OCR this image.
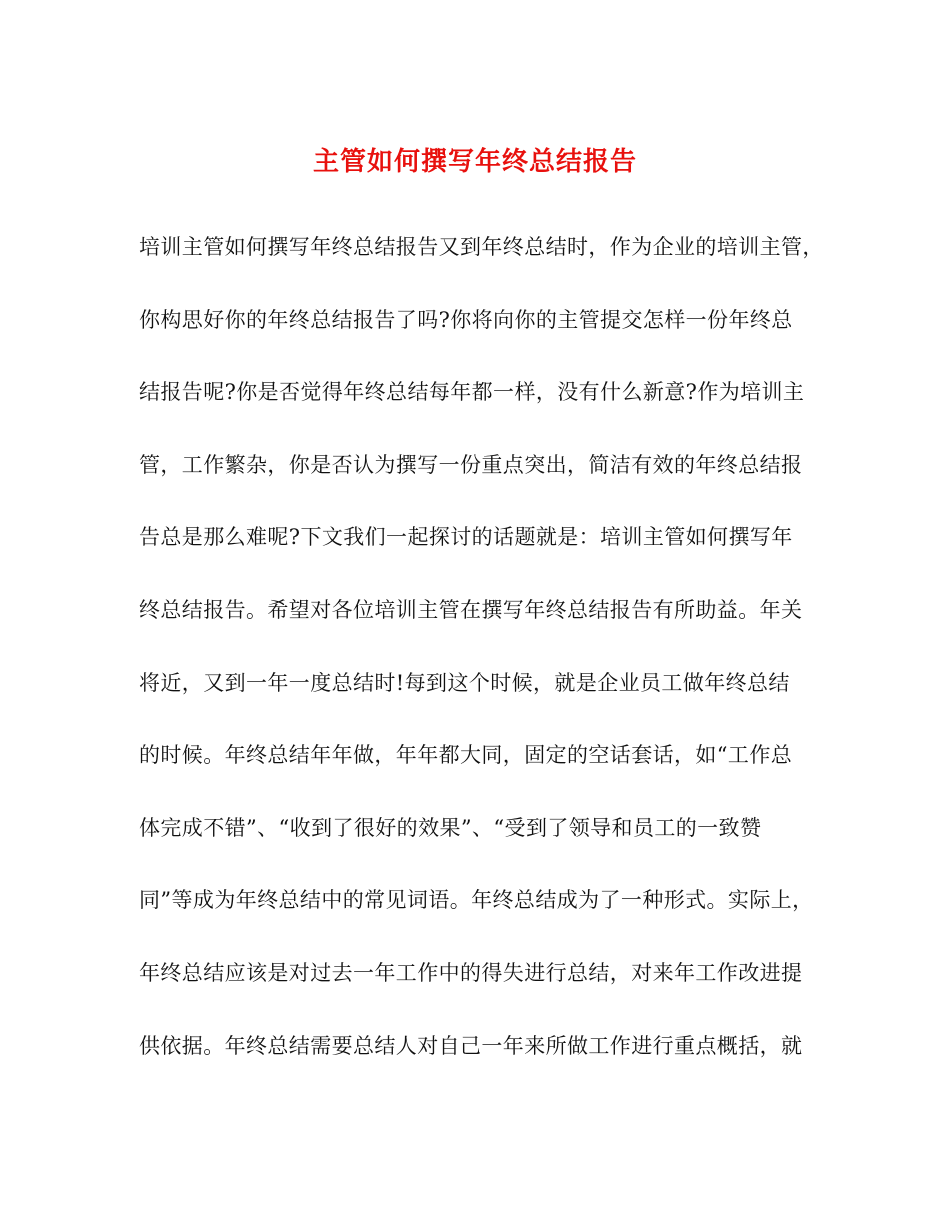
主管如何撰写年终总结报告
培训主管如何撰写年终总结报告又到年终总结时，作为企业的培训主管，
你构思好你的年终总结报告了吗?你将向你的主管提交怎样一份年终总
结报告呢?你是否觉得年终总结每年都一样，没有什么新意?作为培训主
管，工作繁杂，你是否认为撰写一份重点突出，简洁有效的年终总结报
告总是那么难呢?下文我们一起探讨的话题就是：培训主管如何撰写年
终总结报告。希望对各位培训主管在撰写年终总结报告有所助益。年关
将近，又到一年一度总结时!每到这个时候，就是企业员工做年终总结
的时候。年终总结年年做，年年都大同，固定的空话套话，如“工作总
体完成不错”、“收到了很好的效果”、“受到了领导和员工的一致赞
同”等成为年终总结中的常见词语。年终总结成为了一种形式。实际上，
年终总结应该是对过去一年工作中的得失进行总结，对来年工作改进提
供依据。年终总结需要总结人对自己一年来所做工作进行重点概括，就
